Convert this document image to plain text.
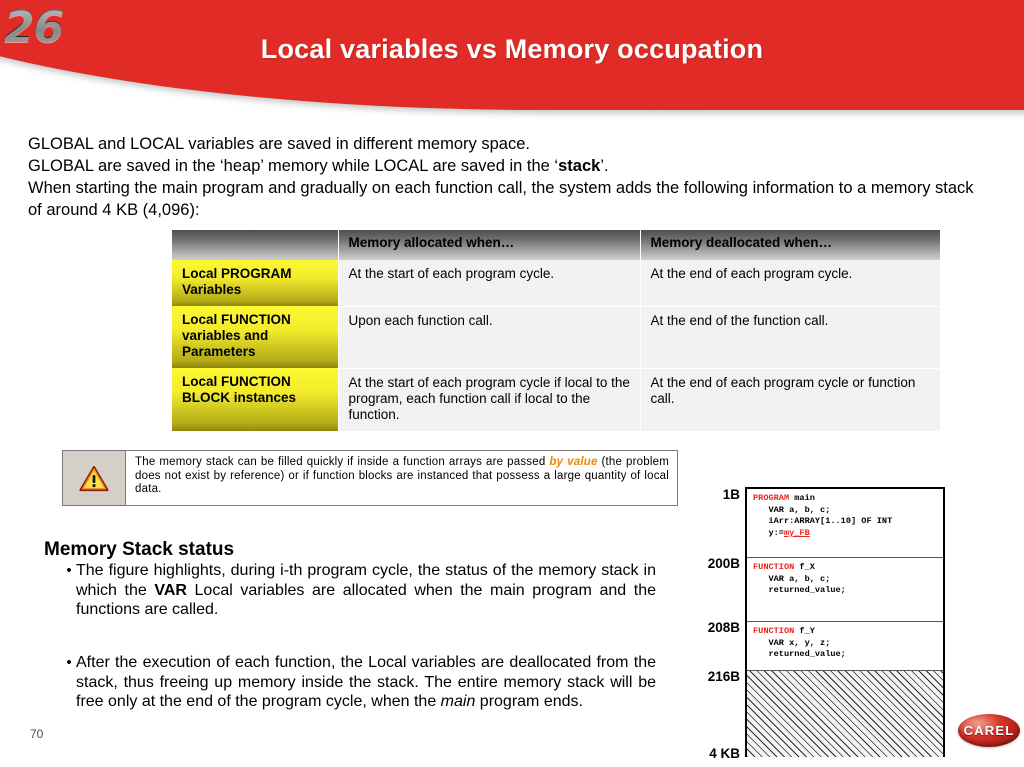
26	Local variables vs Memory occupation
GLOBAL and LOCAL variables are saved in different memory space.
GLOBAL are saved in the ‘heap’ memory while LOCAL are saved in the ‘stack’.
When starting the main program and gradually on each function call, the system adds the following information to a memory stack of around 4 KB (4,096):
	Memory allocated when…	Memory deallocated when…
Local PROGRAM Variables	At the start of each program cycle.	At the end of each program cycle.
Local FUNCTION variables and Parameters	Upon each function call.	At the end of the function call.
Local FUNCTION BLOCK instances	At the start of each program cycle if local to the program, each function call if local to the function.	At the end of each program cycle or function call.
The memory stack can be filled quickly if inside a function arrays are passed by value (the problem does not exist by reference) or if function blocks are instanced that possess a large quantity of local data.
Memory Stack status
• The figure highlights, during i-th program cycle, the status of the memory stack in which the VAR Local variables are allocated when the main program and the functions are called.
• After the execution of each function, the Local variables are deallocated from the stack, thus freeing up memory inside the stack. The entire memory stack will be free only at the end of the program cycle, when the main program ends.
70
1B
200B
208B
216B
4 KB
PROGRAM main
VAR a, b, c;
iArr:ARRAY[1..10] OF INT
y:=my_FB
FUNCTION f_X
VAR a, b, c;
returned_value;
FUNCTION f_Y
VAR x, y, z;
returned_value;
CAREL
